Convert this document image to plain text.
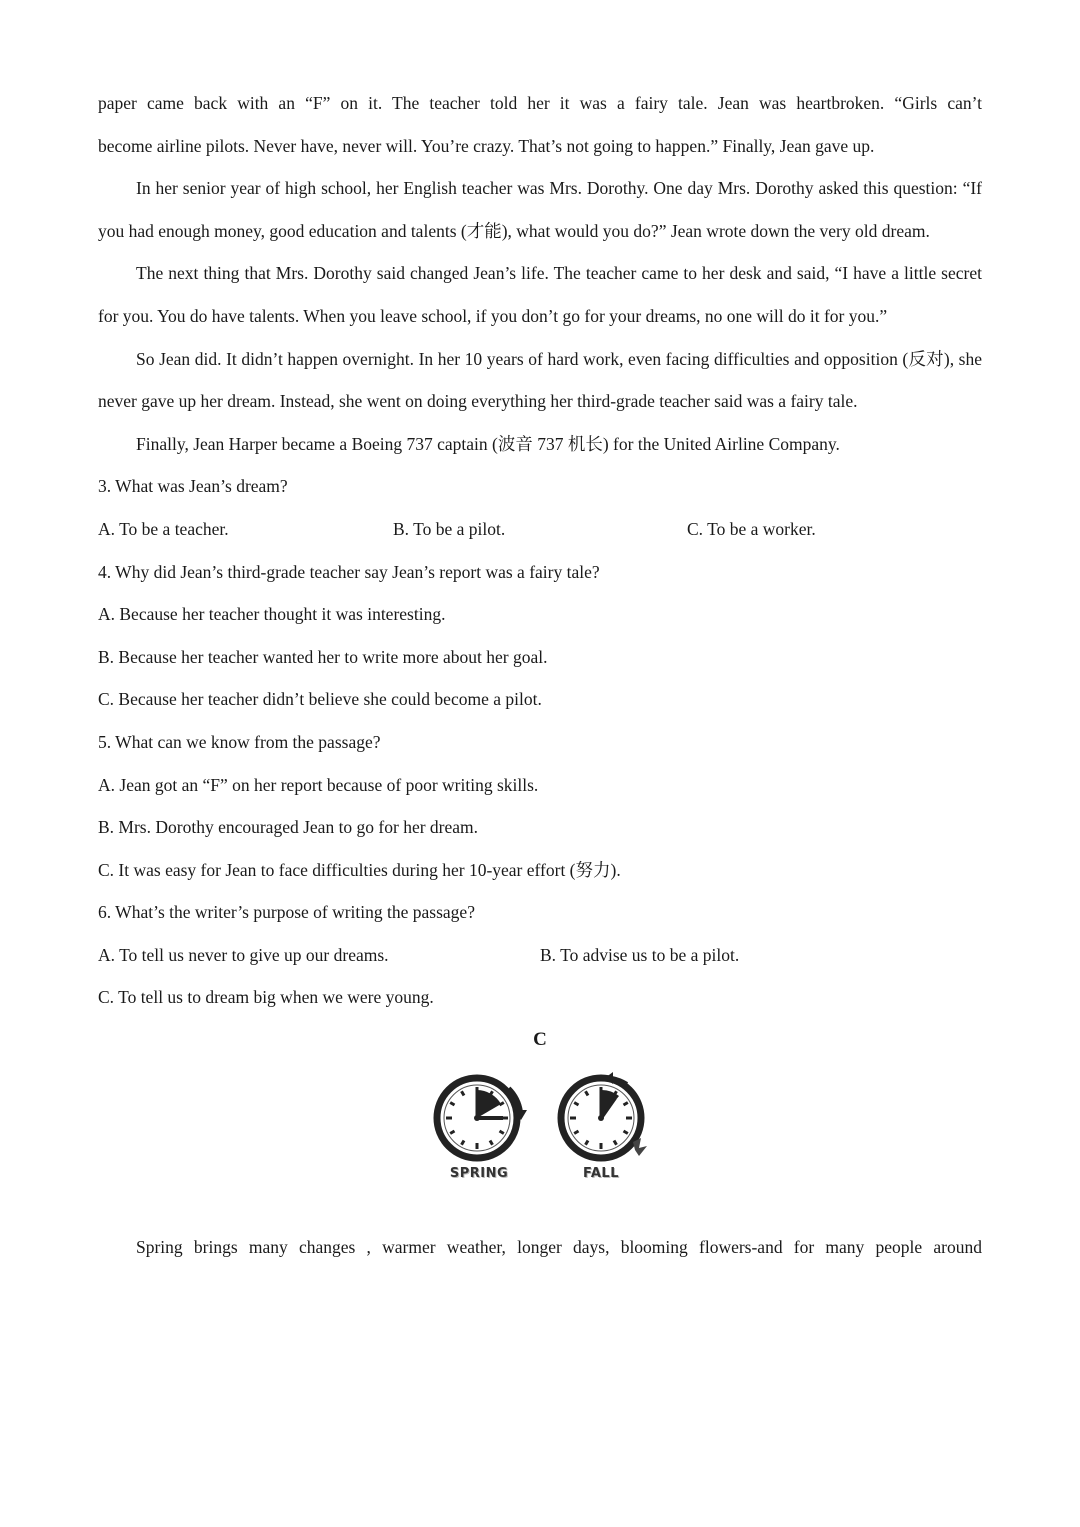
paper came back with an “F” on it. The teacher told her it was a fairy tale. Jean was heartbroken. “Girls can’t
become airline pilots. Never have, never will. You’re crazy. That’s not going to happen.” Finally, Jean gave up.

In her senior year of high school, her English teacher was Mrs. Dorothy. One day Mrs. Dorothy asked this question: “If you had enough money, good education and talents (才能), what would you do?” Jean wrote down the very old dream.

The next thing that Mrs. Dorothy said changed Jean’s life. The teacher came to her desk and said, “I have a little secret for you. You do have talents. When you leave school, if you don’t go for your dreams, no one will do it for you.”

So Jean did. It didn’t happen overnight. In her 10 years of hard work, even facing difficulties and opposition (反对), she never gave up her dream. Instead, she went on doing everything her third-grade teacher said was a fairy tale.

Finally, Jean Harper became a Boeing 737 captain (波音 737 机长) for the United Airline Company.

3. What was Jean’s dream?

A. To be a teacher.	B. To be a pilot.	C. To be a worker.

4. Why did Jean’s third-grade teacher say Jean’s report was a fairy tale?

A. Because her teacher thought it was interesting.

B. Because her teacher wanted her to write more about her goal.

C. Because her teacher didn’t believe she could become a pilot.

5. What can we know from the passage?

A. Jean got an “F” on her report because of poor writing skills.

B. Mrs. Dorothy encouraged Jean to go for her dream.

C. It was easy for Jean to face difficulties during her 10-year effort (努力).

6. What’s the writer’s purpose of writing the passage?

A. To tell us never to give up our dreams.	B. To advise us to be a pilot.

C. To tell us to dream big when we were young.

C
SPRING	FALL

Spring brings many changes , warmer weather, longer days, blooming flowers-and for many people around
